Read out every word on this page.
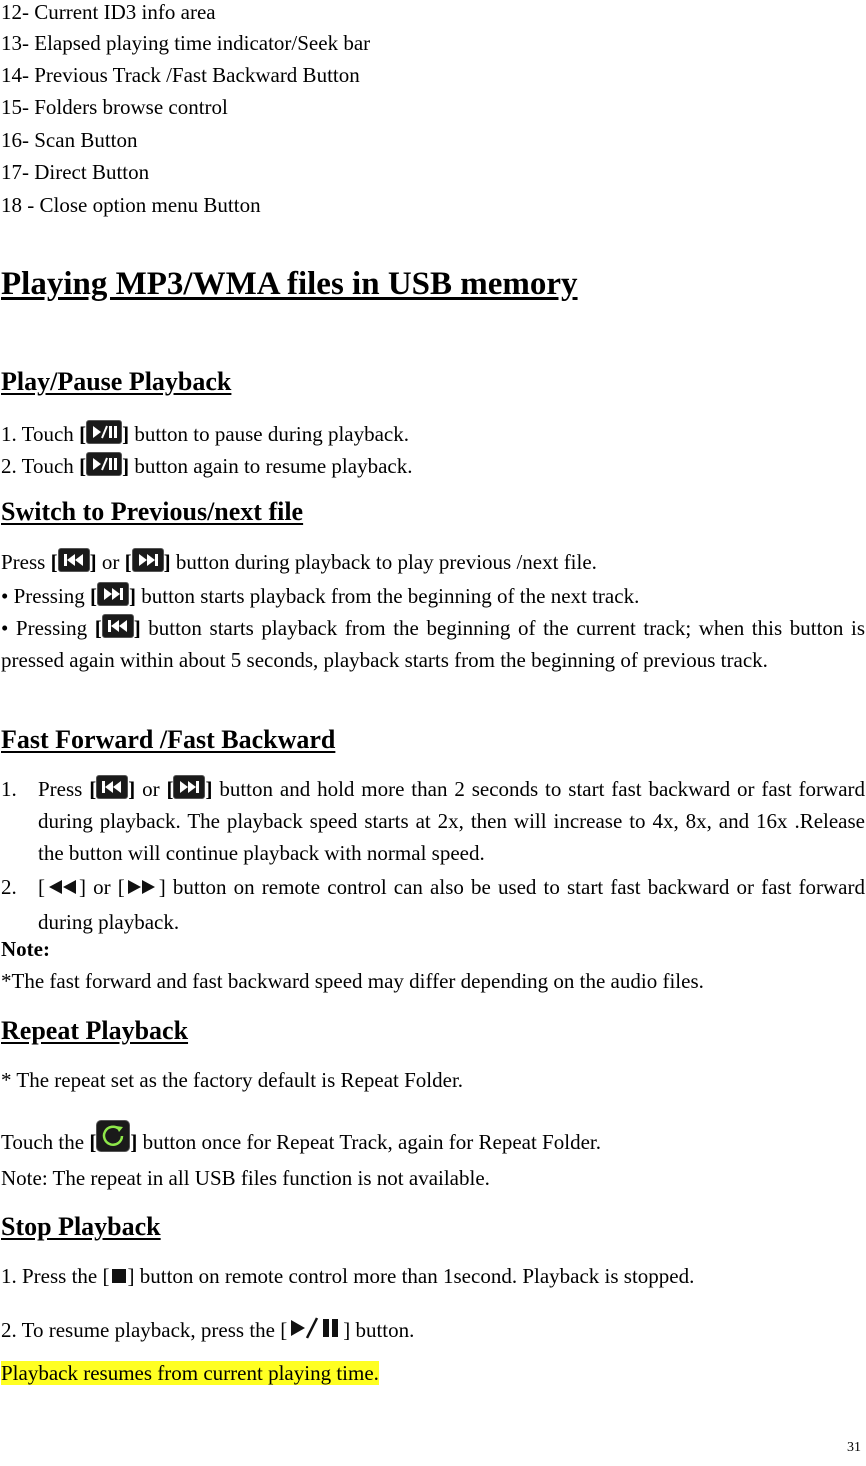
12- Current ID3 info area
13- Elapsed playing time indicator/Seek bar
14- Previous Track /Fast Backward Button
15- Folders browse control
16- Scan Button
17- Direct Button
18 - Close option menu Button
Playing MP3/WMA files in USB memory
Play/Pause Playback
1. Touch [ ] button to pause during playback.
2. Touch [ ] button again to resume playback.
Switch to Previous/next file
Press [ ] or [ ] button during playback to play previous /next file.
• Pressing [ ] button starts playback from the beginning of the next track.
• Pressing [ ] button starts playback from the beginning of the current track; when this button is pressed again within about 5 seconds, playback starts from the beginning of previous track.
Fast Forward /Fast Backward
1. Press [ ] or [ ] button and hold more than 2 seconds to start fast backward or fast forward during playback. The playback speed starts at 2x, then will increase to 4x, 8x, and 16x .Release the button will continue playback with normal speed.
2. [ ] or [ ] button on remote control can also be used to start fast backward or fast forward during playback.
Note:
*The fast forward and fast backward speed may differ depending on the audio files.
Repeat Playback
* The repeat set as the factory default is Repeat Folder.
Touch the [ ] button once for Repeat Track, again for Repeat Folder.
Note: The repeat in all USB files function is not available.
Stop Playback
1. Press the [ ] button on remote control more than 1second. Playback is stopped.
2. To resume playback, press the [	] button.
Playback resumes from current playing time.
31
